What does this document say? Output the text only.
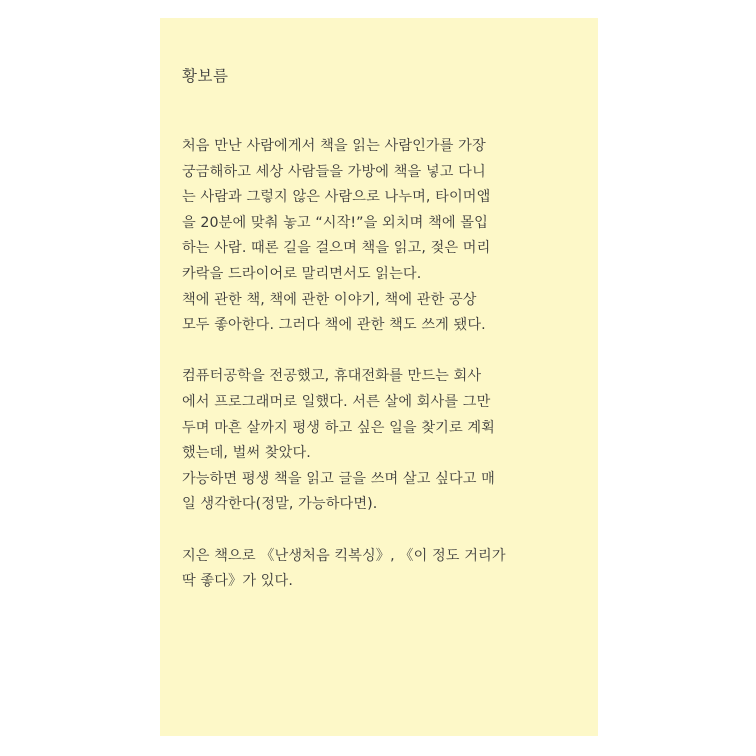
황보름
처음 만난 사람에게서 책을 읽는 사람인가를 가장
궁금해하고 세상 사람들을 가방에 책을 넣고 다니
는 사람과 그렇지 않은 사람으로 나누며, 타이머앱
을 20분에 맞춰 놓고 “시작!”을 외치며 책에 몰입
하는 사람. 때론 길을 걸으며 책을 읽고, 젖은 머리
카락을 드라이어로 말리면서도 읽는다.
책에 관한 책, 책에 관한 이야기, 책에 관한 공상
모두 좋아한다. 그러다 책에 관한 책도 쓰게 됐다.
컴퓨터공학을 전공했고, 휴대전화를 만드는 회사
에서 프로그래머로 일했다. 서른 살에 회사를 그만
두며 마흔 살까지 평생 하고 싶은 일을 찾기로 계획
했는데, 벌써 찾았다.
가능하면 평생 책을 읽고 글을 쓰며 살고 싶다고 매
일 생각한다(정말, 가능하다면).
지은 책으로 《난생처음 킥복싱》, 《이 정도 거리가
딱 좋다》가 있다.
